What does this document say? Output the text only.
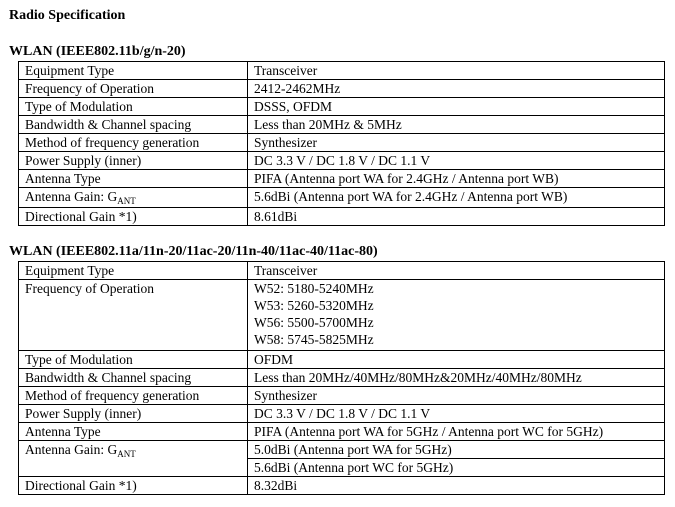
Radio Specification
WLAN (IEEE802.11b/g/n-20)
Equipment Type	Transceiver
Frequency of Operation	2412-2462MHz
Type of Modulation	DSSS, OFDM
Bandwidth & Channel spacing	Less than 20MHz & 5MHz
Method of frequency generation	Synthesizer
Power Supply (inner)	DC 3.3 V / DC 1.8 V / DC 1.1 V
Antenna Type	PIFA (Antenna port WA for 2.4GHz / Antenna port WB)
Antenna Gain: $G_{ANT}$	5.6dBi (Antenna port WA for 2.4GHz / Antenna port WB)
Directional Gain *1)	8.61dBi
WLAN (IEEE802.11a/11n-20/11ac-20/11n-40/11ac-40/11ac-80)
Equipment Type	Transceiver
Frequency of Operation	W52: 5180-5240MHz
W53: 5260-5320MHz
W56: 5500-5700MHz
W58: 5745-5825MHz

Type of Modulation	OFDM
Bandwidth & Channel spacing	Less than 20MHz/40MHz/80MHz&20MHz/40MHz/80MHz
Method of frequency generation	Synthesizer
Power Supply (inner)	DC 3.3 V / DC 1.8 V / DC 1.1 V
Antenna Type	PIFA (Antenna port WA for 5GHz / Antenna port WC for 5GHz)
Antenna Gain: $G_{ANT}$	5.0dBi (Antenna port WA for 5GHz)
	5.6dBi (Antenna port WC for 5GHz)
Directional Gain *1)	8.32dBi
